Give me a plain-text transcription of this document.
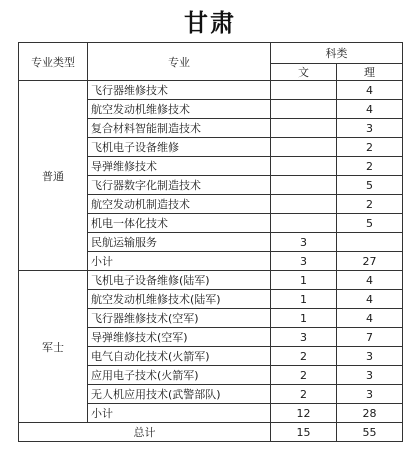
甘肃
专业类型	专业	科类	
		文	理
普通	飞行器维修技术		4
	航空发动机维修技术		4
	复合材料智能制造技术		3
	飞机电子设备维修		2
	导弹维修技术		2
	飞行器数字化制造技术		5
	航空发动机制造技术		2
	机电一体化技术		5
	民航运输服务	3	
	小计	3	27
军士	飞机电子设备维修(陆军)	1	4
	航空发动机维修技术(陆军)	1	4
	飞行器维修技术(空军)	1	4
	导弹维修技术(空军)	3	7
	电气自动化技术(火箭军)	2	3
	应用电子技术(火箭军)	2	3
	无人机应用技术(武警部队)	2	3
	小计	12	28
总计		15	55
